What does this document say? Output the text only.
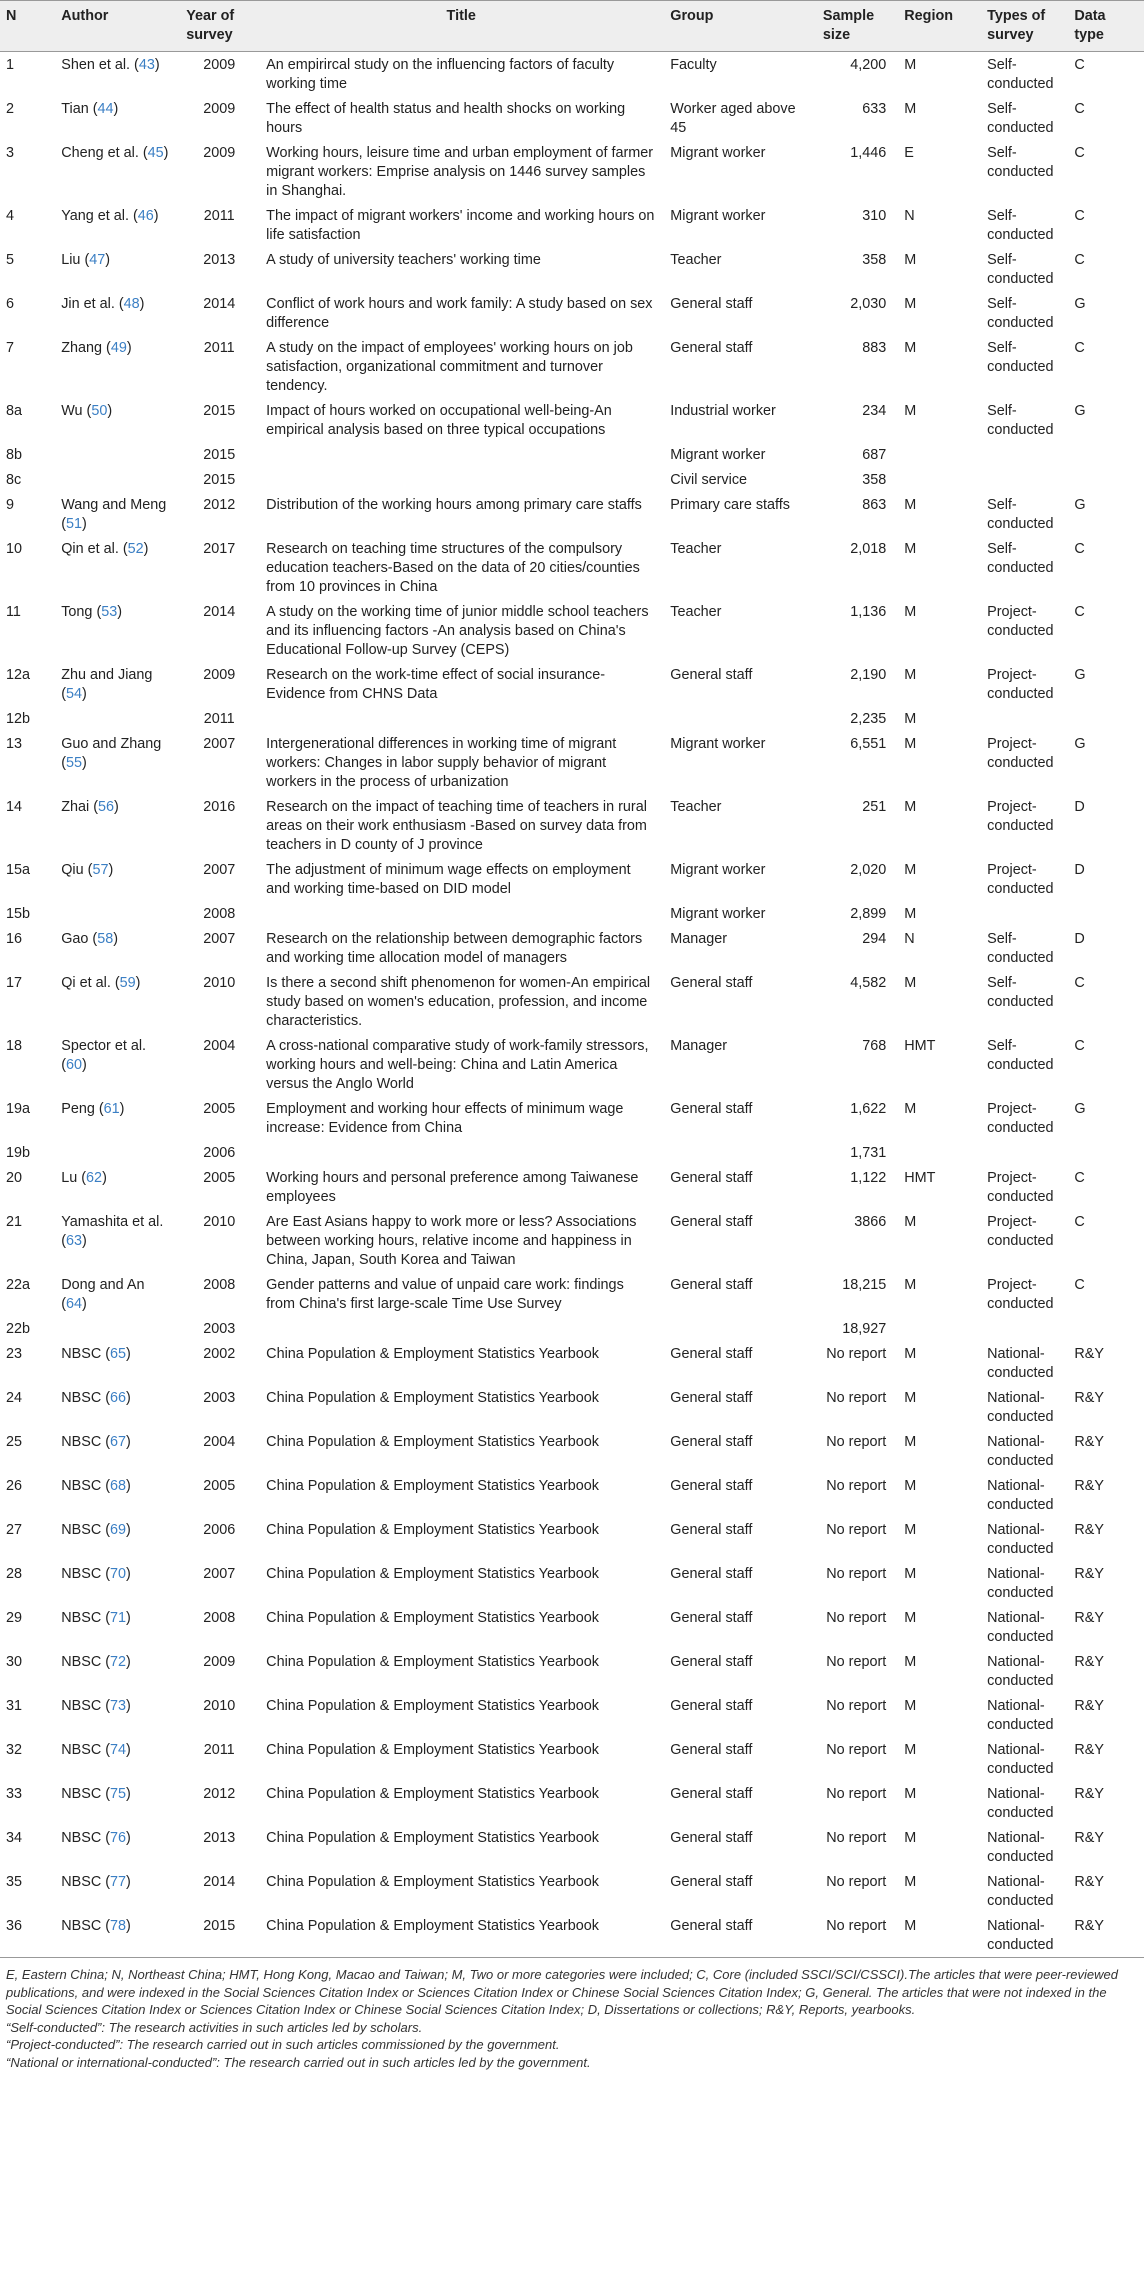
N	Author	Year of survey	Title	Group	Sample size	Region	Types of survey	Data type
1	Shen et al. (43)	2009	An empirircal study on the influencing factors of faculty working time	Faculty	4,200	M	Self-conducted	C
2	Tian (44)	2009	The effect of health status and health shocks on working hours	Worker aged above 45	633	M	Self-conducted	C
3	Cheng et al. (45)	2009	Working hours, leisure time and urban employment of farmer migrant workers: Emprise analysis on 1446 survey samples in Shanghai.	Migrant worker	1,446	E	Self-conducted	C
4	Yang et al. (46)	2011	The impact of migrant workers' income and working hours on life satisfaction	Migrant worker	310	N	Self-conducted	C
5	Liu (47)	2013	A study of university teachers' working time	Teacher	358	M	Self-conducted	C
6	Jin et al. (48)	2014	Conflict of work hours and work family: A study based on sex difference	General staff	2,030	M	Self-conducted	G
7	Zhang (49)	2011	A study on the impact of employees' working hours on job satisfaction, organizational commitment and turnover tendency.	General staff	883	M	Self-conducted	C
8a	Wu (50)	2015	Impact of hours worked on occupational well-being-An empirical analysis based on three typical occupations	Industrial worker	234	M	Self-conducted	G
8b		2015		Migrant worker	687			
8c		2015		Civil service	358			
9	Wang and Meng (51)	2012	Distribution of the working hours among primary care staffs	Primary care staffs	863	M	Self-conducted	G
10	Qin et al. (52)	2017	Research on teaching time structures of the compulsory education teachers-Based on the data of 20 cities/counties from 10 provinces in China	Teacher	2,018	M	Self-conducted	C
11	Tong (53)	2014	A study on the working time of junior middle school teachers and its influencing factors -An analysis based on China's Educational Follow-up Survey (CEPS)	Teacher	1,136	M	Project-conducted	C
12a	Zhu and Jiang (54)	2009	Research on the work-time effect of social insurance-Evidence from CHNS Data	General staff	2,190	M	Project-conducted	G
12b		2011			2,235	M		
13	Guo and Zhang (55)	2007	Intergenerational differences in working time of migrant workers: Changes in labor supply behavior of migrant workers in the process of urbanization	Migrant worker	6,551	M	Project-conducted	G
14	Zhai (56)	2016	Research on the impact of teaching time of teachers in rural areas on their work enthusiasm -Based on survey data from teachers in D county of J province	Teacher	251	M	Project-conducted	D
15a	Qiu (57)	2007	The adjustment of minimum wage effects on employment and working time-based on DID model	Migrant worker	2,020	M	Project-conducted	D
15b		2008		Migrant worker	2,899	M		
16	Gao (58)	2007	Research on the relationship between demographic factors and working time allocation model of managers	Manager	294	N	Self-conducted	D
17	Qi et al. (59)	2010	Is there a second shift phenomenon for women-An empirical study based on women's education, profession, and income characteristics.	General staff	4,582	M	Self-conducted	C
18	Spector et al. (60)	2004	A cross-national comparative study of work-family stressors, working hours and well-being: China and Latin America versus the Anglo World	Manager	768	HMT	Self-conducted	C
19a	Peng (61)	2005	Employment and working hour effects of minimum wage increase: Evidence from China	General staff	1,622	M	Project-conducted	G
19b		2006			1,731			
20	Lu (62)	2005	Working hours and personal preference among Taiwanese employees	General staff	1,122	HMT	Project-conducted	C
21	Yamashita et al. (63)	2010	Are East Asians happy to work more or less? Associations between working hours, relative income and happiness in China, Japan, South Korea and Taiwan	General staff	3866	M	Project-conducted	C
22a	Dong and An (64)	2008	Gender patterns and value of unpaid care work: findings from China's first large-scale Time Use Survey	General staff	18,215	M	Project-conducted	C
22b		2003			18,927			
23	NBSC (65)	2002	China Population & Employment Statistics Yearbook	General staff	No report	M	National-conducted	R&Y
24	NBSC (66)	2003	China Population & Employment Statistics Yearbook	General staff	No report	M	National-conducted	R&Y
25	NBSC (67)	2004	China Population & Employment Statistics Yearbook	General staff	No report	M	National-conducted	R&Y
26	NBSC (68)	2005	China Population & Employment Statistics Yearbook	General staff	No report	M	National-conducted	R&Y
27	NBSC (69)	2006	China Population & Employment Statistics Yearbook	General staff	No report	M	National-conducted	R&Y
28	NBSC (70)	2007	China Population & Employment Statistics Yearbook	General staff	No report	M	National-conducted	R&Y
29	NBSC (71)	2008	China Population & Employment Statistics Yearbook	General staff	No report	M	National-conducted	R&Y
30	NBSC (72)	2009	China Population & Employment Statistics Yearbook	General staff	No report	M	National-conducted	R&Y
31	NBSC (73)	2010	China Population & Employment Statistics Yearbook	General staff	No report	M	National-conducted	R&Y
32	NBSC (74)	2011	China Population & Employment Statistics Yearbook	General staff	No report	M	National-conducted	R&Y
33	NBSC (75)	2012	China Population & Employment Statistics Yearbook	General staff	No report	M	National-conducted	R&Y
34	NBSC (76)	2013	China Population & Employment Statistics Yearbook	General staff	No report	M	National-conducted	R&Y
35	NBSC (77)	2014	China Population & Employment Statistics Yearbook	General staff	No report	M	National-conducted	R&Y
36	NBSC (78)	2015	China Population & Employment Statistics Yearbook	General staff	No report	M	National-conducted	R&Y

E, Eastern China; N, Northeast China; HMT, Hong Kong, Macao and Taiwan; M, Two or more categories were included; C, Core (included SSCI/SCI/CSSCI).The articles that were peer-reviewed publications, and were indexed in the Social Sciences Citation Index or Sciences Citation Index or Chinese Social Sciences Citation Index; G, General. The articles that were not indexed in the Social Sciences Citation Index or Sciences Citation Index or Chinese Social Sciences Citation Index; D, Dissertations or collections; R&Y, Reports, yearbooks.

“Self-conducted”: The research activities in such articles led by scholars.

“Project-conducted”: The research carried out in such articles commissioned by the government.

“National or international-conducted”: The research carried out in such articles led by the government.
